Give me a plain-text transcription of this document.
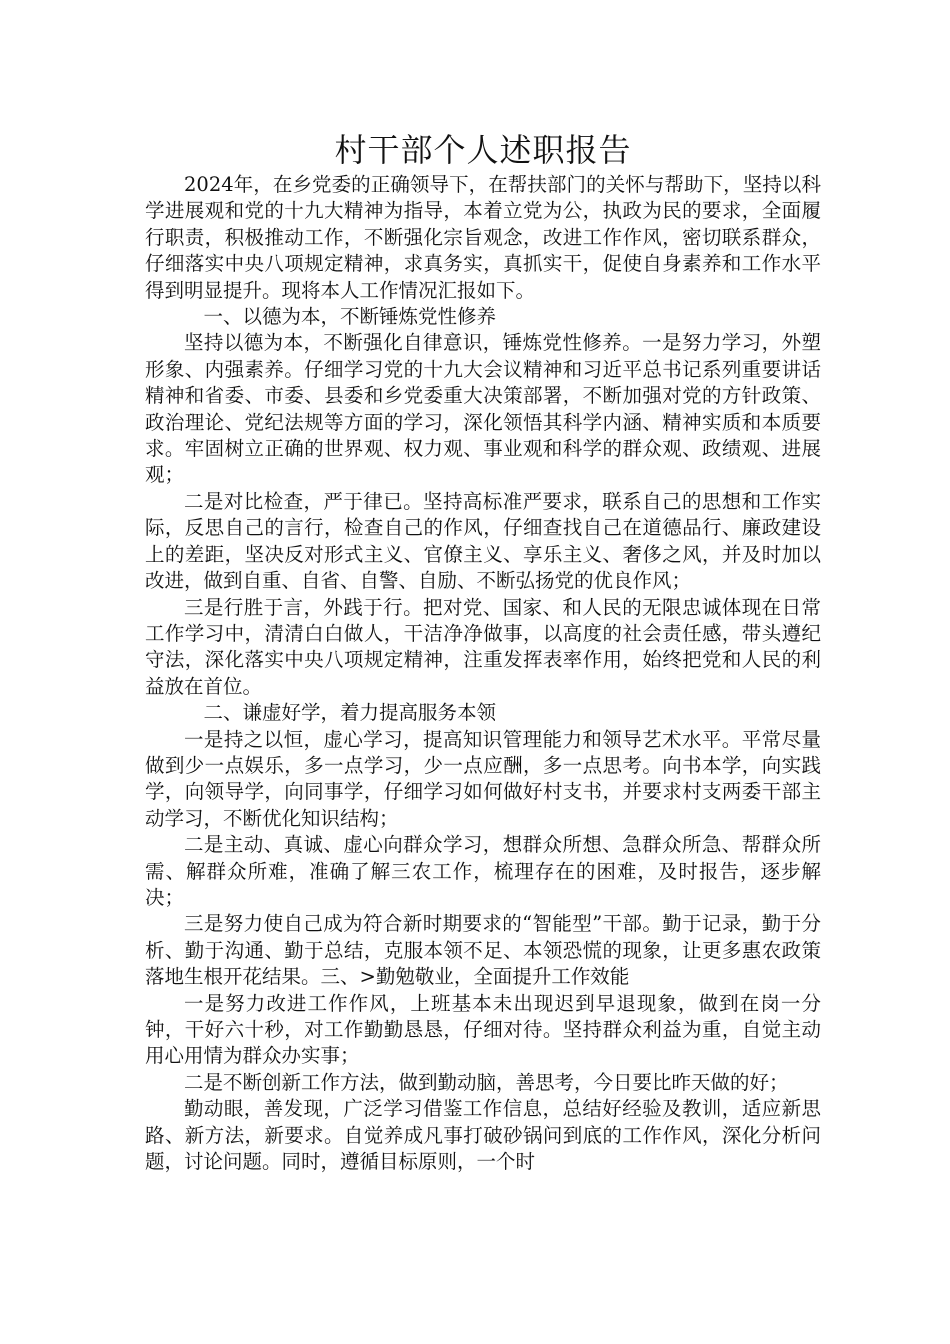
村干部个人述职报告

2024年，在乡党委的正确领导下，在帮扶部门的关怀与帮助下，坚持以科学进展观和党的十九大精神为指导，本着立党为公，执政为民的要求，全面履行职责，积极推动工作，不断强化宗旨观念，改进工作作风，密切联系群众，仔细落实中央八项规定精神，求真务实，真抓实干，促使自身素养和工作水平得到明显提升。现将本人工作情况汇报如下。

一、以德为本，不断锤炼党性修养

坚持以德为本，不断强化自律意识，锤炼党性修养。一是努力学习，外塑形象、内强素养。仔细学习党的十九大会议精神和习近平总书记系列重要讲话精神和省委、市委、县委和乡党委重大决策部署，不断加强对党的方针政策、政治理论、党纪法规等方面的学习，深化领悟其科学内涵、精神实质和本质要求。牢固树立正确的世界观、权力观、事业观和科学的群众观、政绩观、进展观；

二是对比检查，严于律已。坚持高标准严要求，联系自己的思想和工作实际，反思自己的言行，检查自己的作风，仔细查找自己在道德品行、廉政建设上的差距，坚决反对形式主义、官僚主义、享乐主义、奢侈之风，并及时加以改进，做到自重、自省、自警、自励、不断弘扬党的优良作风；

三是行胜于言，外践于行。把对党、国家、和人民的无限忠诚体现在日常工作学习中，清清白白做人，干洁净净做事，以高度的社会责任感，带头遵纪守法，深化落实中央八项规定精神，注重发挥表率作用，始终把党和人民的利益放在首位。

二、谦虚好学，着力提高服务本领

一是持之以恒，虚心学习，提高知识管理能力和领导艺术水平。平常尽量做到少一点娱乐，多一点学习，少一点应酬，多一点思考。向书本学，向实践学，向领导学，向同事学，仔细学习如何做好村支书，并要求村支两委干部主动学习，不断优化知识结构；

二是主动、真诚、虚心向群众学习，想群众所想、急群众所急、帮群众所需、解群众所难，准确了解三农工作，梳理存在的困难，及时报告，逐步解决；

三是努力使自己成为符合新时期要求的“智能型”干部。勤于记录，勤于分析、勤于沟通、勤于总结，克服本领不足、本领恐慌的现象，让更多惠农政策落地生根开花结果。三、>勤勉敬业，全面提升工作效能

一是努力改进工作作风，上班基本未出现迟到早退现象，做到在岗一分钟，干好六十秒，对工作勤勤恳恳，仔细对待。坚持群众利益为重，自觉主动用心用情为群众办实事；

二是不断创新工作方法，做到勤动脑，善思考，今日要比昨天做的好；

勤动眼，善发现，广泛学习借鉴工作信息，总结好经验及教训，适应新思路、新方法，新要求。自觉养成凡事打破砂锅问到底的工作作风，深化分析问题，讨论问题。同时，遵循目标原则，一个时
